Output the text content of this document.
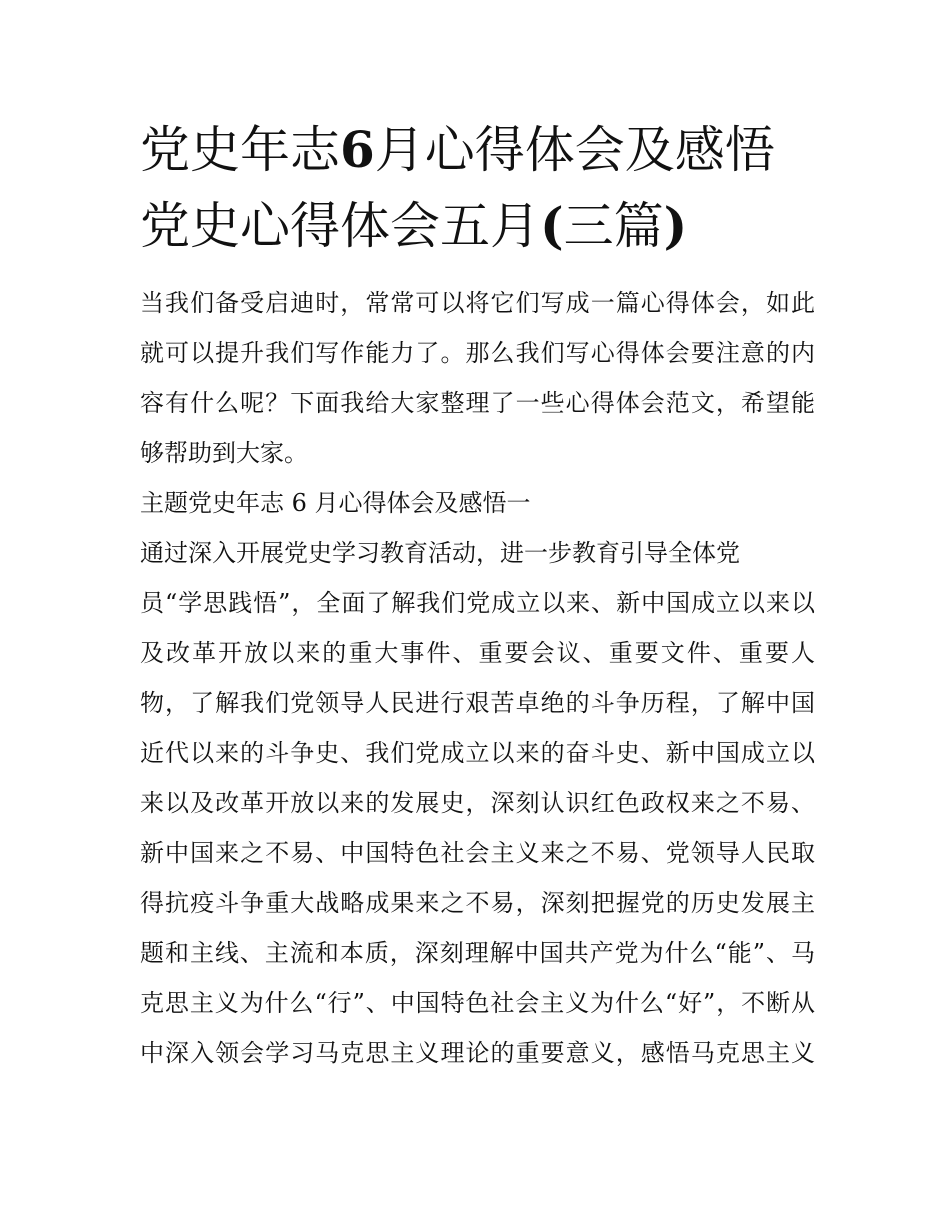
党史年志6月心得体会及感悟
党史心得体会五月(三篇)

当我们备受启迪时，常常可以将它们写成一篇心得体会，如此

就可以提升我们写作能力了。那么我们写心得体会要注意的内

容有什么呢？下面我给大家整理了一些心得体会范文，希望能

够帮助到大家。

主题党史年志 6 月心得体会及感悟一

通过深入开展党史学习教育活动，进一步教育引导全体党

员“学思践悟”，全面了解我们党成立以来、新中国成立以来以

及改革开放以来的重大事件、重要会议、重要文件、重要人

物，了解我们党领导人民进行艰苦卓绝的斗争历程，了解中国

近代以来的斗争史、我们党成立以来的奋斗史、新中国成立以

来以及改革开放以来的发展史，深刻认识红色政权来之不易、

新中国来之不易、中国特色社会主义来之不易、党领导人民取

得抗疫斗争重大战略成果来之不易，深刻把握党的历史发展主

题和主线、主流和本质，深刻理解中国共产党为什么“能”、马

克思主义为什么“行”、中国特色社会主义为什么“好”，不断从

中深入领会学习马克思主义理论的重要意义，感悟马克思主义
